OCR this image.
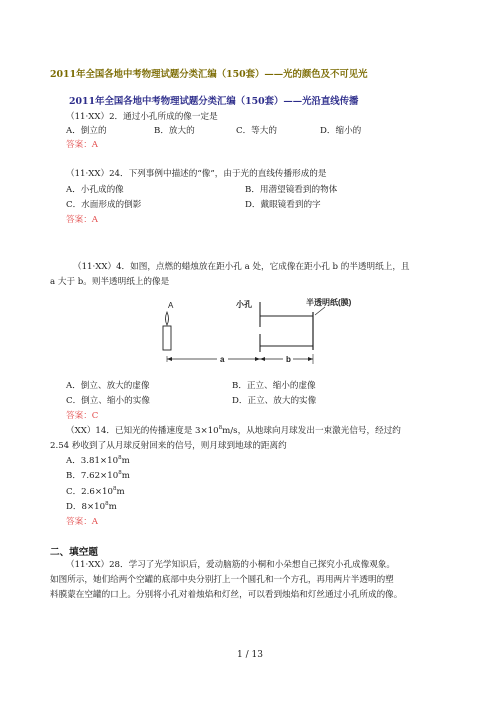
2011年全国各地中考物理试题分类汇编（150套）——光的颜色及不可见光
2011年全国各地中考物理试题分类汇编（150套）——光沿直线传播
（11·XX）2．通过小孔所成的像一定是
A．倒立的	B．放大的	C．等大的	D．缩小的
答案：A
（11·XX）24．下列事例中描述的“像”，由于光的直线传播形成的是
A．小孔成的像	B．用潜望镜看到的物体
C．水面形成的倒影	D．戴眼镜看到的字
答案：A
（11·XX）4．如图，点燃的蜡烛放在距小孔 a 处，它成像在距小孔 b 的半透明纸上，且
a 大于 b。则半透明纸上的像是
A	小孔	半透明纸(膜)
a	b
A．倒立、放大的虚像	B．正立、缩小的虚像
C．倒立、缩小的实像	D．正立、放大的实像
答案：C
（XX）14．已知光的传播速度是 $3\times 10^8m/s$，从地球向月球发出一束激光信号，经过约
2.54 秒收到了从月球反射回来的信号，则月球到地球的距离约
A．$3.81\times 10^8m$
B．$7.62\times 10^8m$
C．$2.6\times 10^8m$
D．$8\times 10^8m$
答案：A
二、填空题
（11·XX）28．学习了光学知识后，爱动脑筋的小桐和小朵想自己探究小孔成像观象。
如图所示，她们给两个空罐的底部中央分别打上一个圆孔和一个方孔，再用两片半透明的塑
料膜蒙在空罐的口上。分别将小孔对着烛焰和灯丝，可以看到烛焰和灯丝通过小孔所成的像。
1 / 13
